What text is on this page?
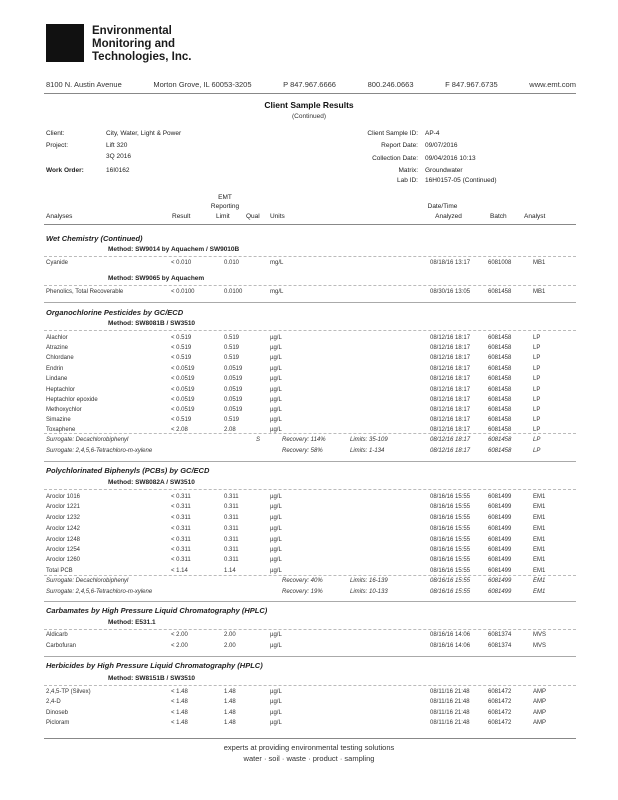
Environmental
Monitoring and
Technologies, Inc.
8100 N. Austin Avenue	Morton Grove, IL 60053-3205	P 847.967.6666	800.246.0663	F 847.967.6735	www.emt.com
Client Sample Results
(Continued)
Client:	City, Water, Light & Power
Project:	Lift 320
3Q 2016
Work Order:	16I0162
Client Sample ID: AP-4
Report Date: 09/07/2016
Collection Date: 09/04/2016 10:13
Matrix: Groundwater
Lab ID: 16H0157-05 (Continued)
EMT
Reporting	Date/Time
Analyses	Result	Limit	Qual Units	Analyzed	Batch	Analyst
Wet Chemistry (Continued)
Method: SW9014 by Aquachem / SW9010B
Method: SW9065 by Aquachem
Organochlorine Pesticides by GC/ECD
Method: SW8081B / SW3510
Polychlorinated Biphenyls (PCBs) by GC/ECD
Method: SW8082A / SW3510
Carbamates by High Pressure Liquid Chromatography (HPLC)
Method: E531.1
Herbicides by High Pressure Liquid Chromatography (HPLC)
Method: SW8151B / SW3510
Cyanide	< 0.010	0.010	mg/L	08/18/16 13:17	6081008	MB1
Phenolics, Total Recoverable	< 0.0100	0.0100	mg/L	08/30/16 13:05	6081458	MB1
Alachlor	< 0.519	0.519	µg/L	08/12/16 18:17	6081458	LP
Atrazine	< 0.519	0.519	µg/L	08/12/16 18:17	6081458	LP
Chlordane	< 0.519	0.519	µg/L	08/12/16 18:17	6081458	LP
Endrin	< 0.0519	0.0519	µg/L	08/12/16 18:17	6081458	LP
Lindane	< 0.0519	0.0519	µg/L	08/12/16 18:17	6081458	LP
Heptachlor	< 0.0519	0.0519	µg/L	08/12/16 18:17	6081458	LP
Heptachlor epoxide	< 0.0519	0.0519	µg/L	08/12/16 18:17	6081458	LP
Methoxychlor	< 0.0519	0.0519	µg/L	08/12/16 18:17	6081458	LP
Simazine	< 0.519	0.519	µg/L	08/12/16 18:17	6081458	LP
Toxaphene	< 2.08	2.08	µg/L	08/12/16 18:17	6081458	LP
Surrogate: Decachlorobiphenyl	S	Recovery: 114%	Limits: 35-109	08/12/16 18:17	6081458	LP
Surrogate: 2,4,5,6-Tetrachloro-m-xylene	Recovery: 58%	Limits: 1-134	08/12/16 18:17	6081458	LP
Aroclor 1016	< 0.311	0.311	µg/L	08/16/16 15:55	6081499	EM1
Aroclor 1221	< 0.311	0.311	µg/L	08/16/16 15:55	6081499	EM1
Aroclor 1232	< 0.311	0.311	µg/L	08/16/16 15:55	6081499	EM1
Aroclor 1242	< 0.311	0.311	µg/L	08/16/16 15:55	6081499	EM1
Aroclor 1248	< 0.311	0.311	µg/L	08/16/16 15:55	6081499	EM1
Aroclor 1254	< 0.311	0.311	µg/L	08/16/16 15:55	6081499	EM1
Aroclor 1260	< 0.311	0.311	µg/L	08/16/16 15:55	6081499	EM1
Total PCB	< 1.14	1.14	µg/L	08/16/16 15:55	6081499	EM1
Surrogate: Decachlorobiphenyl	Recovery: 40%	Limits: 16-139	08/16/16 15:55	6081499	EM1
Surrogate: 2,4,5,6-Tetrachloro-m-xylene	Recovery: 19%	Limits: 10-133	08/16/16 15:55	6081499	EM1
Aldicarb	< 2.00	2.00	µg/L	08/16/16 14:06	6081374	MVS
Carbofuran	< 2.00	2.00	µg/L	08/16/16 14:06	6081374	MVS
2,4,5-TP (Silvex)	< 1.48	1.48	µg/L	08/11/16 21:48	6081472	AMP
2,4-D	< 1.48	1.48	µg/L	08/11/16 21:48	6081472	AMP
Dinoseb	< 1.48	1.48	µg/L	08/11/16 21:48	6081472	AMP
Picloram	< 1.48	1.48	µg/L	08/11/16 21:48	6081472	AMP
experts at providing environmental testing solutions
water · soil · waste · product · sampling
